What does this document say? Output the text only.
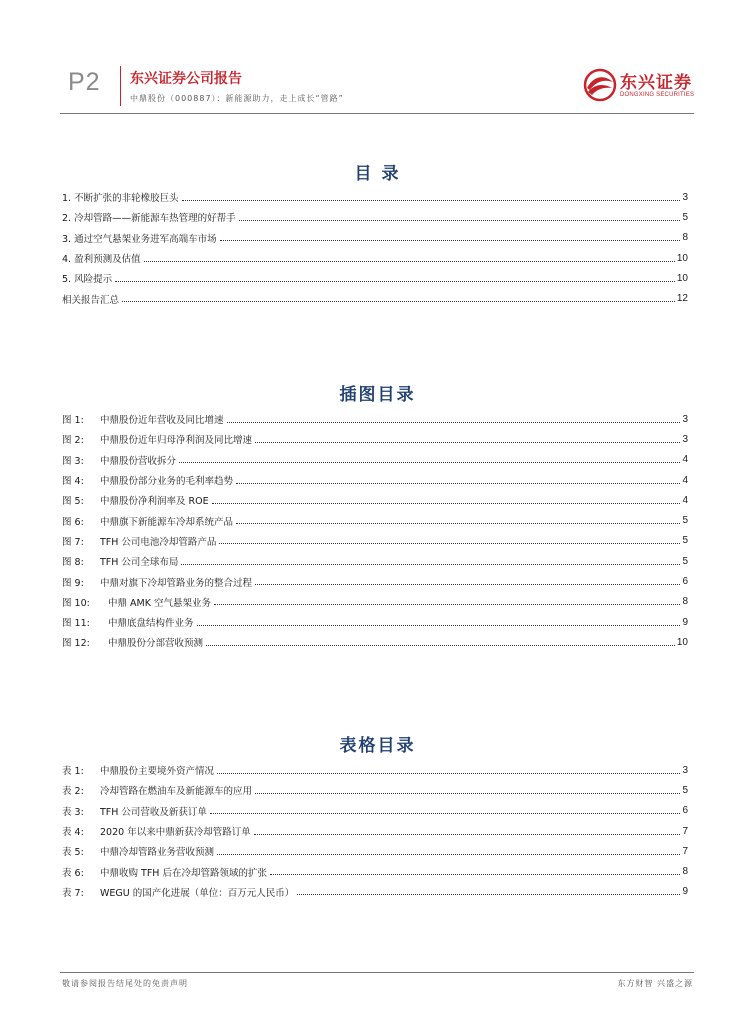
P2 东兴证券公司报告
中鼎股份（000887）：新能源助力，走上成长“管路”
东兴证券
DONGXING SECURITIES
目 录
1. 不断扩张的非轮橡胶巨头	3
2. 冷却管路——新能源车热管理的好帮手	5
3. 通过空气悬架业务进军高端车市场	8
4. 盈利预测及估值	10
5. 风险提示	10
相关报告汇总	12
插图目录
图 1: 中鼎股份近年营收及同比增速	3
图 2: 中鼎股份近年归母净利润及同比增速	3
图 3: 中鼎股份营收拆分	4
图 4: 中鼎股份部分业务的毛利率趋势	4
图 5: 中鼎股份净利润率及 ROE	4
图 6: 中鼎旗下新能源车冷却系统产品	5
图 7: TFH 公司电池冷却管路产品	5
图 8: TFH 公司全球布局	5
图 9: 中鼎对旗下冷却管路业务的整合过程	6
图 10: 中鼎 AMK 空气悬架业务	8
图 11: 中鼎底盘结构件业务	9
图 12: 中鼎股份分部营收预测	10
表格目录
表 1: 中鼎股份主要境外资产情况	3
表 2: 冷却管路在燃油车及新能源车的应用	5
表 3: TFH 公司营收及新获订单	6
表 4: 2020 年以来中鼎新获冷却管路订单	7
表 5: 中鼎冷却管路业务营收预测	7
表 6: 中鼎收购 TFH 后在冷却管路领域的扩张	8
表 7: WEGU 的国产化进展（单位：百万元人民币）	9
敬请参阅报告结尾处的免责声明	东方财智 兴盛之源
